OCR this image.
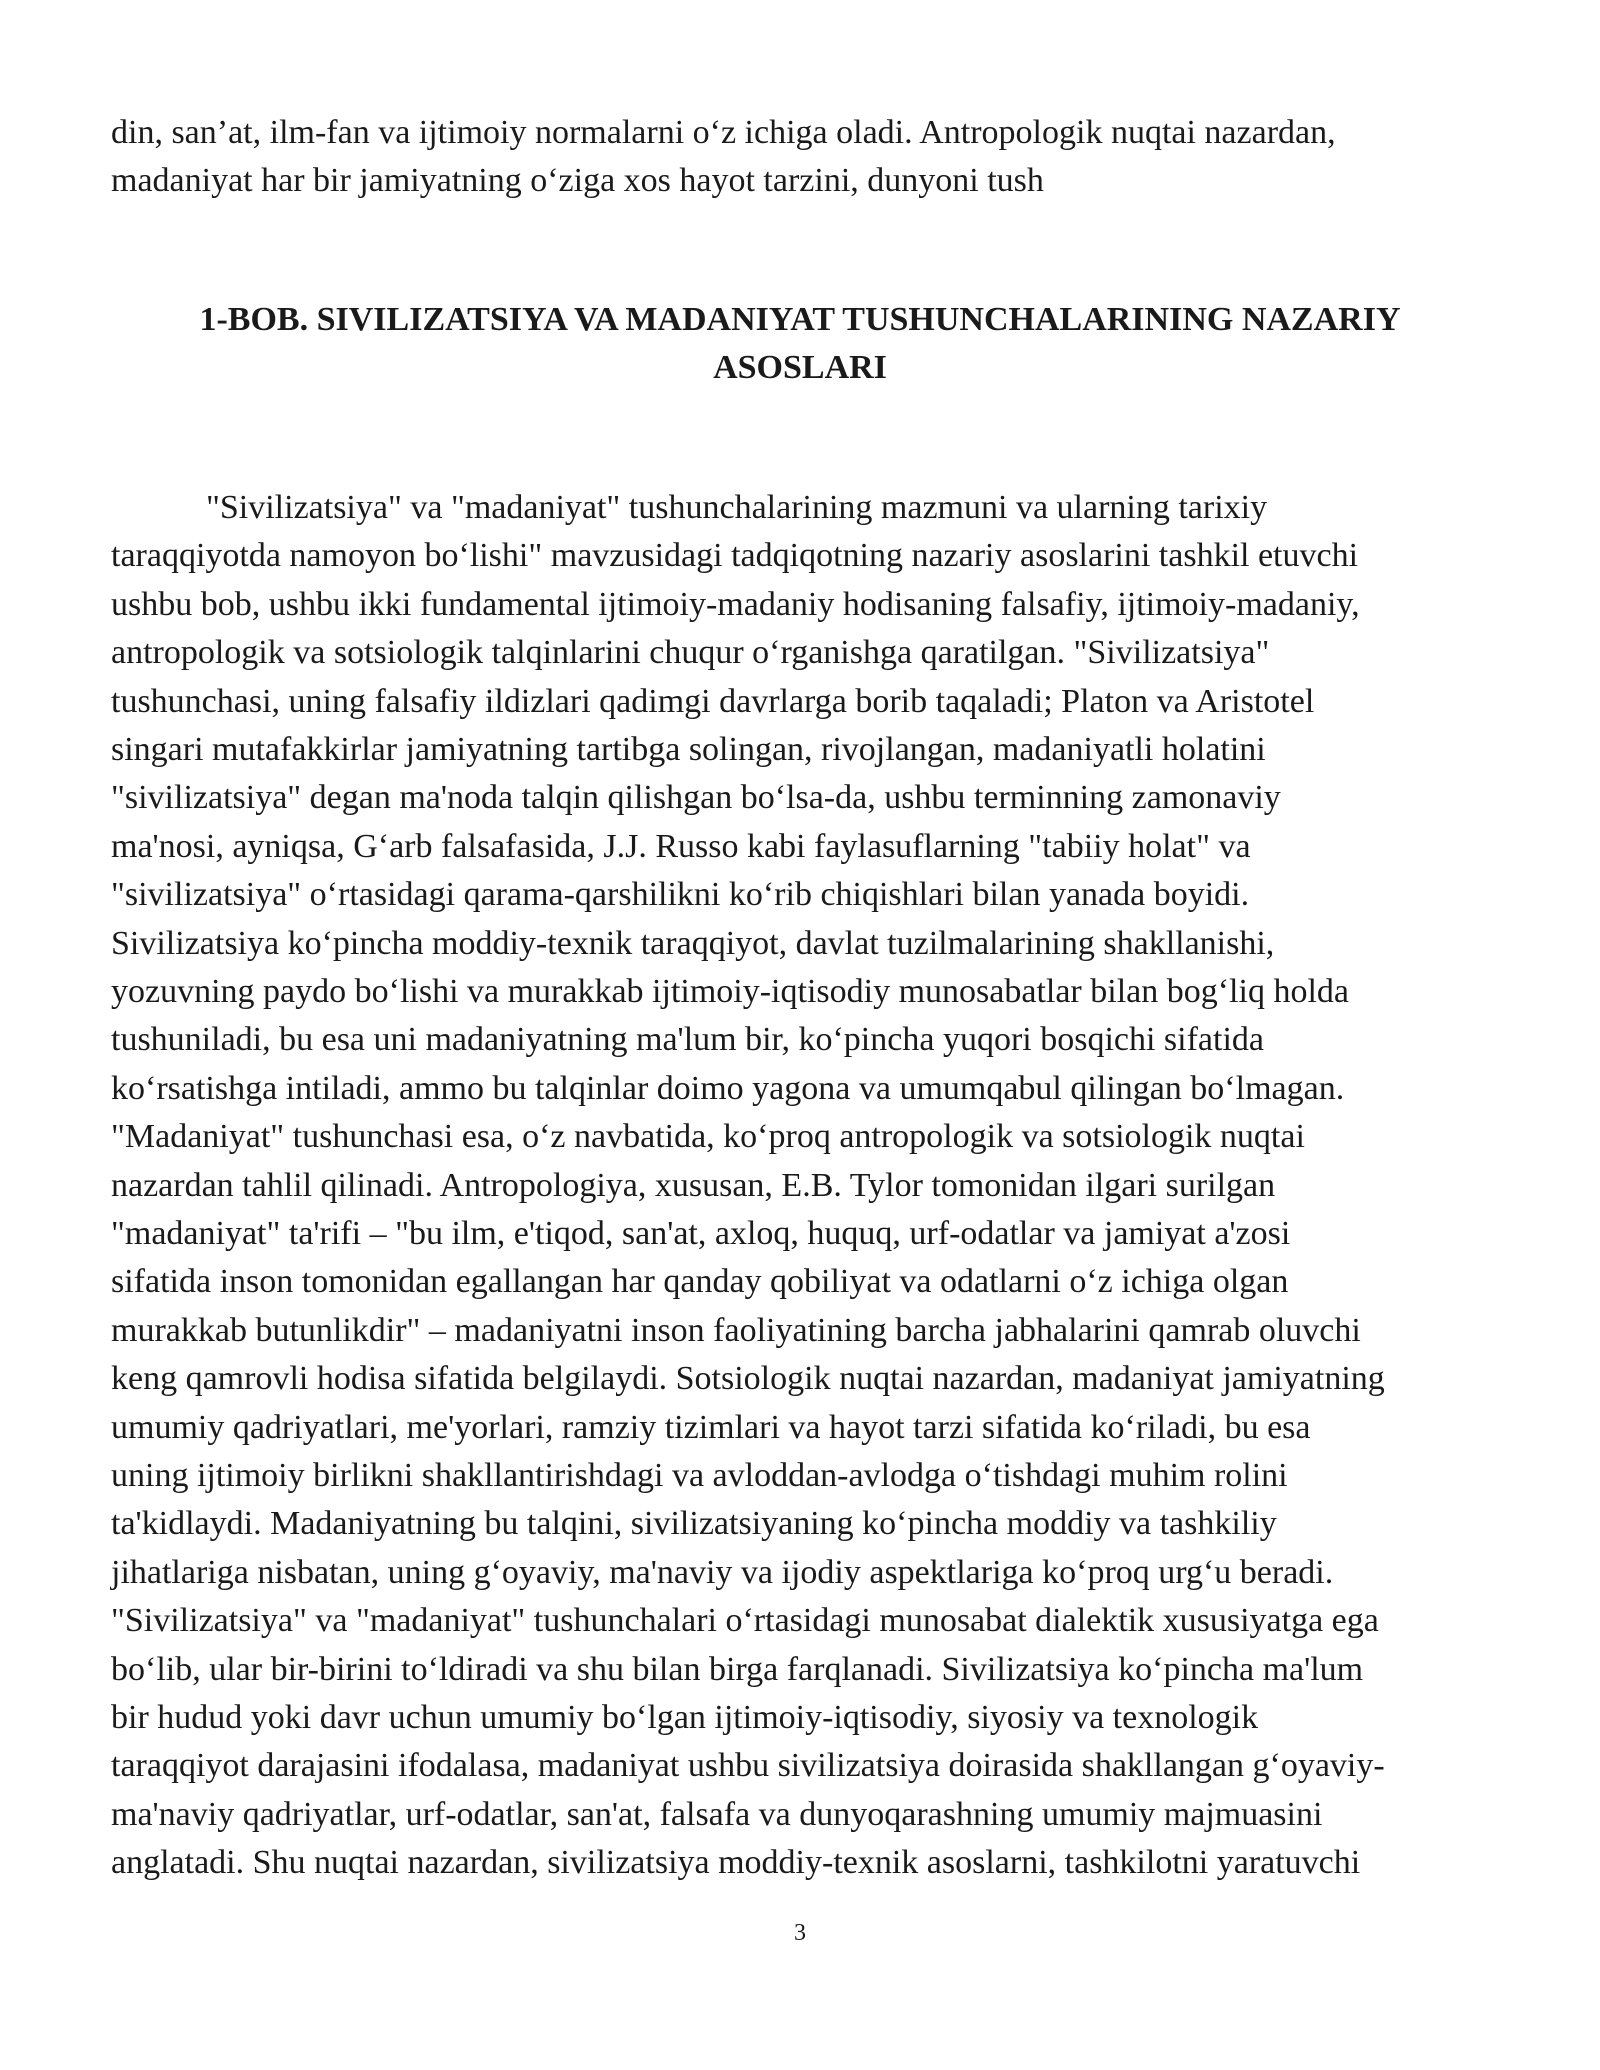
din, san’at, ilm-fan va ijtimoiy normalarni o‘z ichiga oladi. Antropologik nuqtai nazardan,
madaniyat har bir jamiyatning o‘ziga xos hayot tarzini, dunyoni tush
1-BOB. SIVILIZATSIYA VA MADANIYAT TUSHUNCHALARINING NAZARIY
ASOSLARI
"Sivilizatsiya" va "madaniyat" tushunchalarining mazmuni va ularning tarixiy
taraqqiyotda namoyon bo‘lishi" mavzusidagi tadqiqotning nazariy asoslarini tashkil etuvchi
ushbu bob, ushbu ikki fundamental ijtimoiy-madaniy hodisaning falsafiy, ijtimoiy-madaniy,
antropologik va sotsiologik talqinlarini chuqur o‘rganishga qaratilgan. "Sivilizatsiya"
tushunchasi, uning falsafiy ildizlari qadimgi davrlarga borib taqaladi; Platon va Aristotel
singari mutafakkirlar jamiyatning tartibga solingan, rivojlangan, madaniyatli holatini
"sivilizatsiya" degan ma'noda talqin qilishgan bo‘lsa-da, ushbu terminning zamonaviy
ma'nosi, ayniqsa, G‘arb falsafasida, J.J. Russo kabi faylasuflarning "tabiiy holat" va
"sivilizatsiya" o‘rtasidagi qarama-qarshilikni ko‘rib chiqishlari bilan yanada boyidi.
Sivilizatsiya ko‘pincha moddiy-texnik taraqqiyot, davlat tuzilmalarining shakllanishi,
yozuvning paydo bo‘lishi va murakkab ijtimoiy-iqtisodiy munosabatlar bilan bog‘liq holda
tushuniladi, bu esa uni madaniyatning ma'lum bir, ko‘pincha yuqori bosqichi sifatida
ko‘rsatishga intiladi, ammo bu talqinlar doimo yagona va umumqabul qilingan bo‘lmagan.
"Madaniyat" tushunchasi esa, o‘z navbatida, ko‘proq antropologik va sotsiologik nuqtai
nazardan tahlil qilinadi. Antropologiya, xususan, E.B. Tylor tomonidan ilgari surilgan
"madaniyat" ta'rifi – "bu ilm, e'tiqod, san'at, axloq, huquq, urf-odatlar va jamiyat a'zosi
sifatida inson tomonidan egallangan har qanday qobiliyat va odatlarni o‘z ichiga olgan
murakkab butunlikdir" – madaniyatni inson faoliyatining barcha jabhalarini qamrab oluvchi
keng qamrovli hodisa sifatida belgilaydi. Sotsiologik nuqtai nazardan, madaniyat jamiyatning
umumiy qadriyatlari, me'yorlari, ramziy tizimlari va hayot tarzi sifatida ko‘riladi, bu esa
uning ijtimoiy birlikni shakllantirishdagi va avloddan-avlodga o‘tishdagi muhim rolini
ta'kidlaydi. Madaniyatning bu talqini, sivilizatsiyaning ko‘pincha moddiy va tashkiliy
jihatlariga nisbatan, uning g‘oyaviy, ma'naviy va ijodiy aspektlariga ko‘proq urg‘u beradi.
"Sivilizatsiya" va "madaniyat" tushunchalari o‘rtasidagi munosabat dialektik xususiyatga ega
bo‘lib, ular bir-birini to‘ldiradi va shu bilan birga farqlanadi. Sivilizatsiya ko‘pincha ma'lum
bir hudud yoki davr uchun umumiy bo‘lgan ijtimoiy-iqtisodiy, siyosiy va texnologik
taraqqiyot darajasini ifodalasa, madaniyat ushbu sivilizatsiya doirasida shakllangan g‘oyaviy-
ma'naviy qadriyatlar, urf-odatlar, san'at, falsafa va dunyoqarashning umumiy majmuasini
anglatadi. Shu nuqtai nazardan, sivilizatsiya moddiy-texnik asoslarni, tashkilotni yaratuvchi
3
